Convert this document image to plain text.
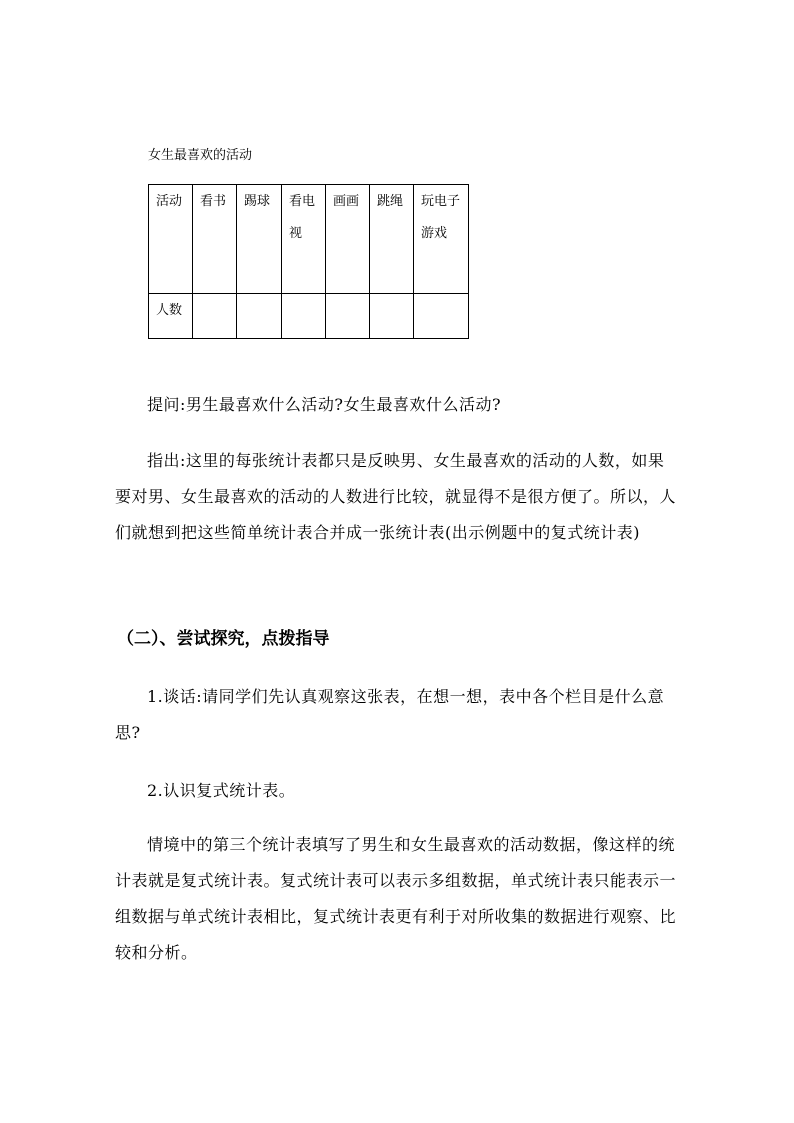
女生最喜欢的活动
活动	看书	踢球	看电视	画画	跳绳	玩电子游戏

人数						

提问:男生最喜欢什么活动?女生最喜欢什么活动?

指出:这里的每张统计表都只是反映男、女生最喜欢的活动的人数，如果要对男、女生最喜欢的活动的人数进行比较，就显得不是很方便了。所以，人们就想到把这些简单统计表合并成一张统计表(出示例题中的复式统计表)

（二）、尝试探究，点拨指导

1.谈话:请同学们先认真观察这张表，在想一想，表中各个栏目是什么意思?

2.认识复式统计表。

情境中的第三个统计表填写了男生和女生最喜欢的活动数据，像这样的统计表就是复式统计表。复式统计表可以表示多组数据，单式统计表只能表示一组数据与单式统计表相比，复式统计表更有利于对所收集的数据进行观察、比较和分析。
